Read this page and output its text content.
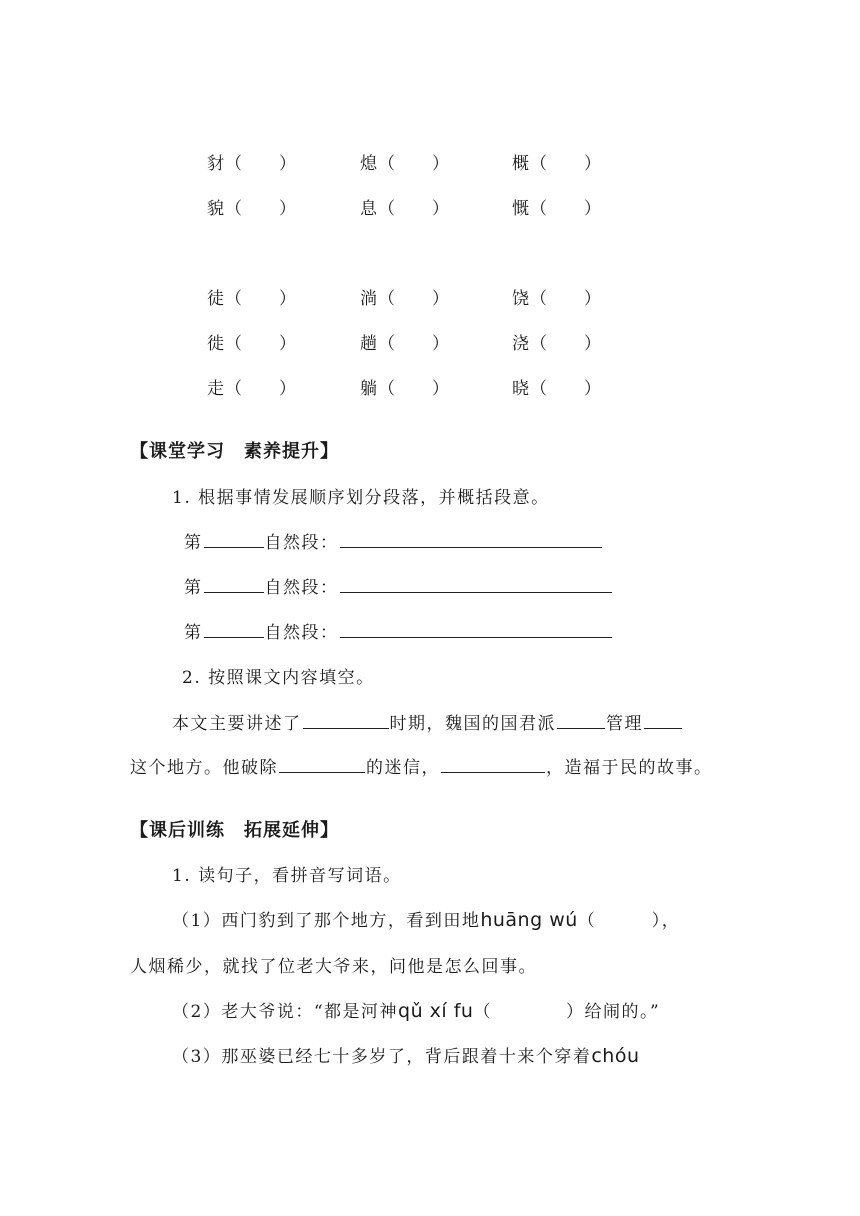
豺（　　）	熄（　　）	概（　　）
貌（　　）	息（　　）	慨（　　）
徒（　　）	淌（　　）	饶（　　）
徙（　　）	趟（　　）	浇（　　）
走（　　）	躺（　　）	晓（　　）
【课堂学习　素养提升】
1. 根据事情发展顺序划分段落，并概括段意。
第	自然段：
第	自然段：
第	自然段：
2. 按照课文内容填空。
本文主要讲述了	时期，魏国的国君派	管理
这个地方。他破除	的迷信，	，造福于民的故事。
【课后训练　拓展延伸】
1. 读句子，看拼音写词语。
（1）西门豹到了那个地方，看到田地huāng wú（　　　），
人烟稀少，就找了位老大爷来，问他是怎么回事。
（2）老大爷说：“都是河神qǔ xí fu（　　　　）给闹的。”
（3）那巫婆已经七十多岁了，背后跟着十来个穿着chóu
